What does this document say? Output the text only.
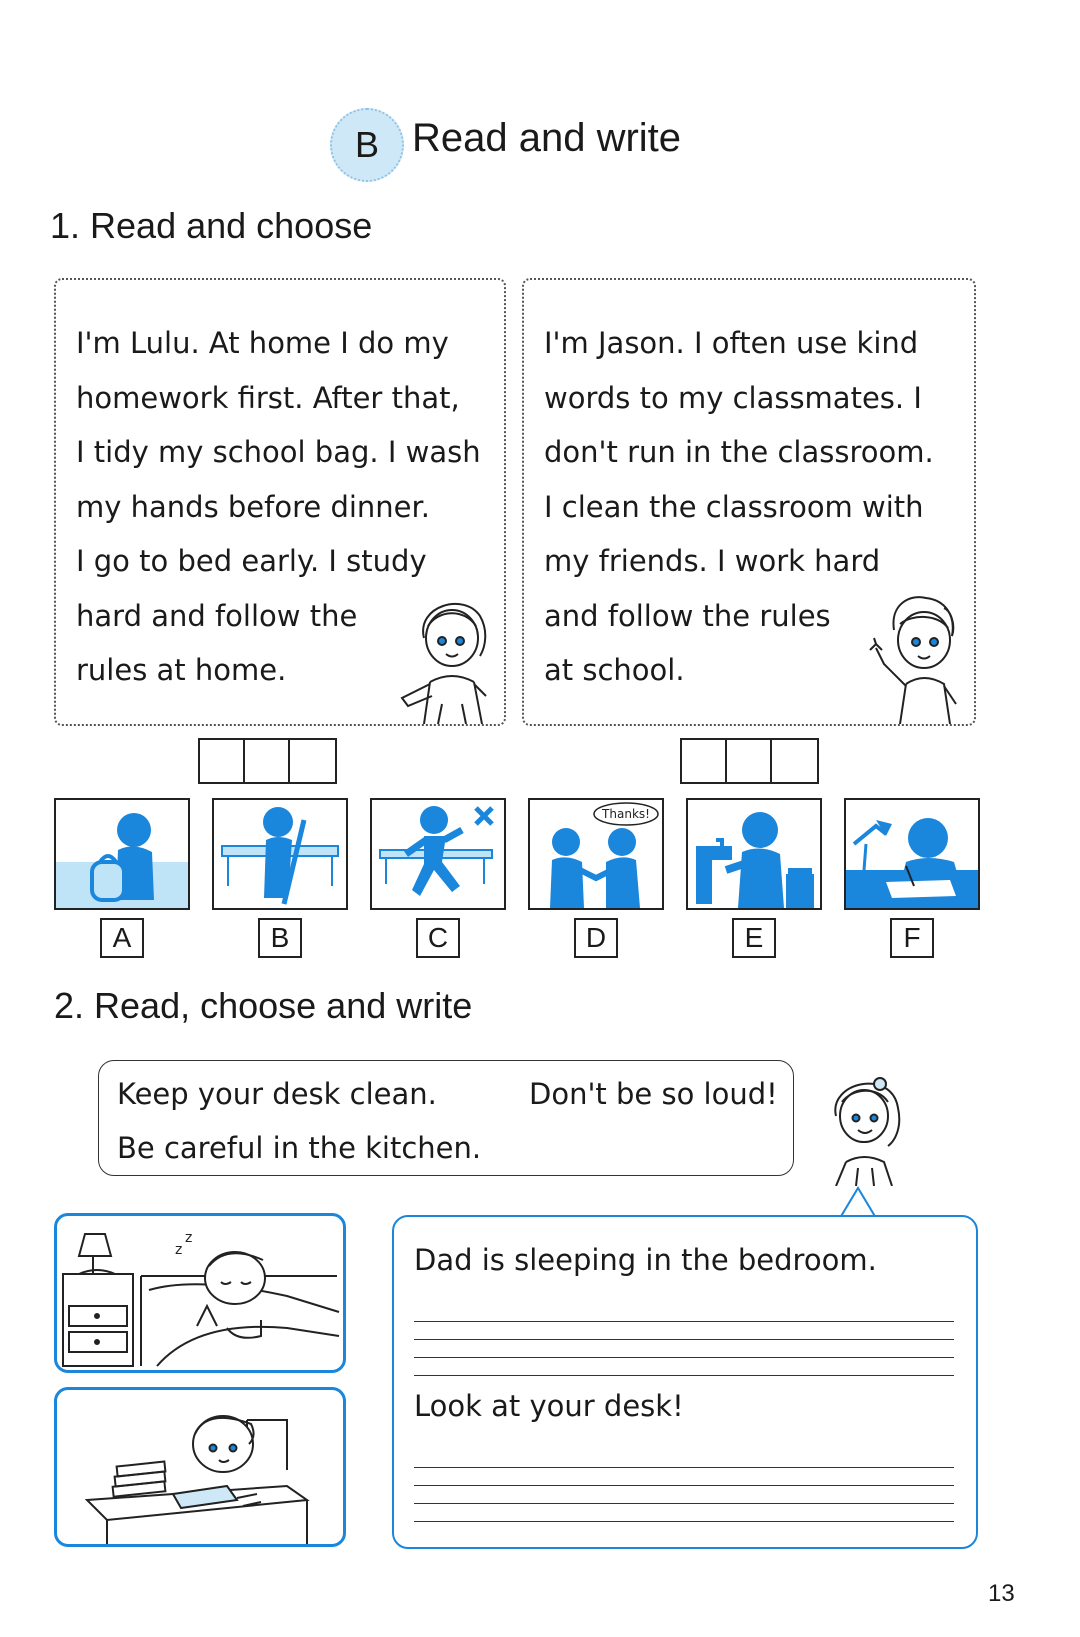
B Read and write
1. Read and choose

I'm Lulu. At home I do my
homework first. After that,
I tidy my school bag. I wash
my hands before dinner.
I go to bed early. I study
hard and follow the
rules at home.

I'm Jason. I often use kind
words to my classmates. I
don't run in the classroom.
I clean the classroom with
my friends. I work hard
and follow the rules
at school.

Thanks!
A	B	C	D	E	F
2. Read, choose and write
Keep your desk clean.	Don't be so loud!
Be careful in the kitchen.
z
z
Dad is sleeping in the bedroom.
Look at your desk!
13
